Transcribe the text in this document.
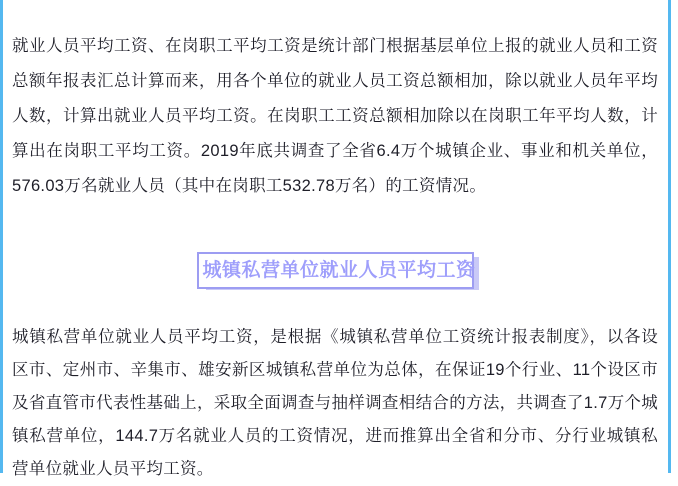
就业人员平均工资、在岗职工平均工资是统计部门根据基层单位上报的就业人员和工资总额年报表汇总计算而来，用各个单位的就业人员工资总额相加，除以就业人员年平均人数，计算出就业人员平均工资。在岗职工工资总额相加除以在岗职工年平均人数，计算出在岗职工平均工资。2019年底共调查了全省6.4万个城镇企业、事业和机关单位，576.03万名就业人员（其中在岗职工532.78万名）的工资情况。

城镇私营单位就业人员平均工资

城镇私营单位就业人员平均工资，是根据《城镇私营单位工资统计报表制度》，以各设区市、定州市、辛集市、雄安新区城镇私营单位为总体，在保证19个行业、11个设区市及省直管市代表性基础上，采取全面调查与抽样调查相结合的方法，共调查了1.7万个城镇私营单位，144.7万名就业人员的工资情况，进而推算出全省和分市、分行业城镇私营单位就业人员平均工资。
